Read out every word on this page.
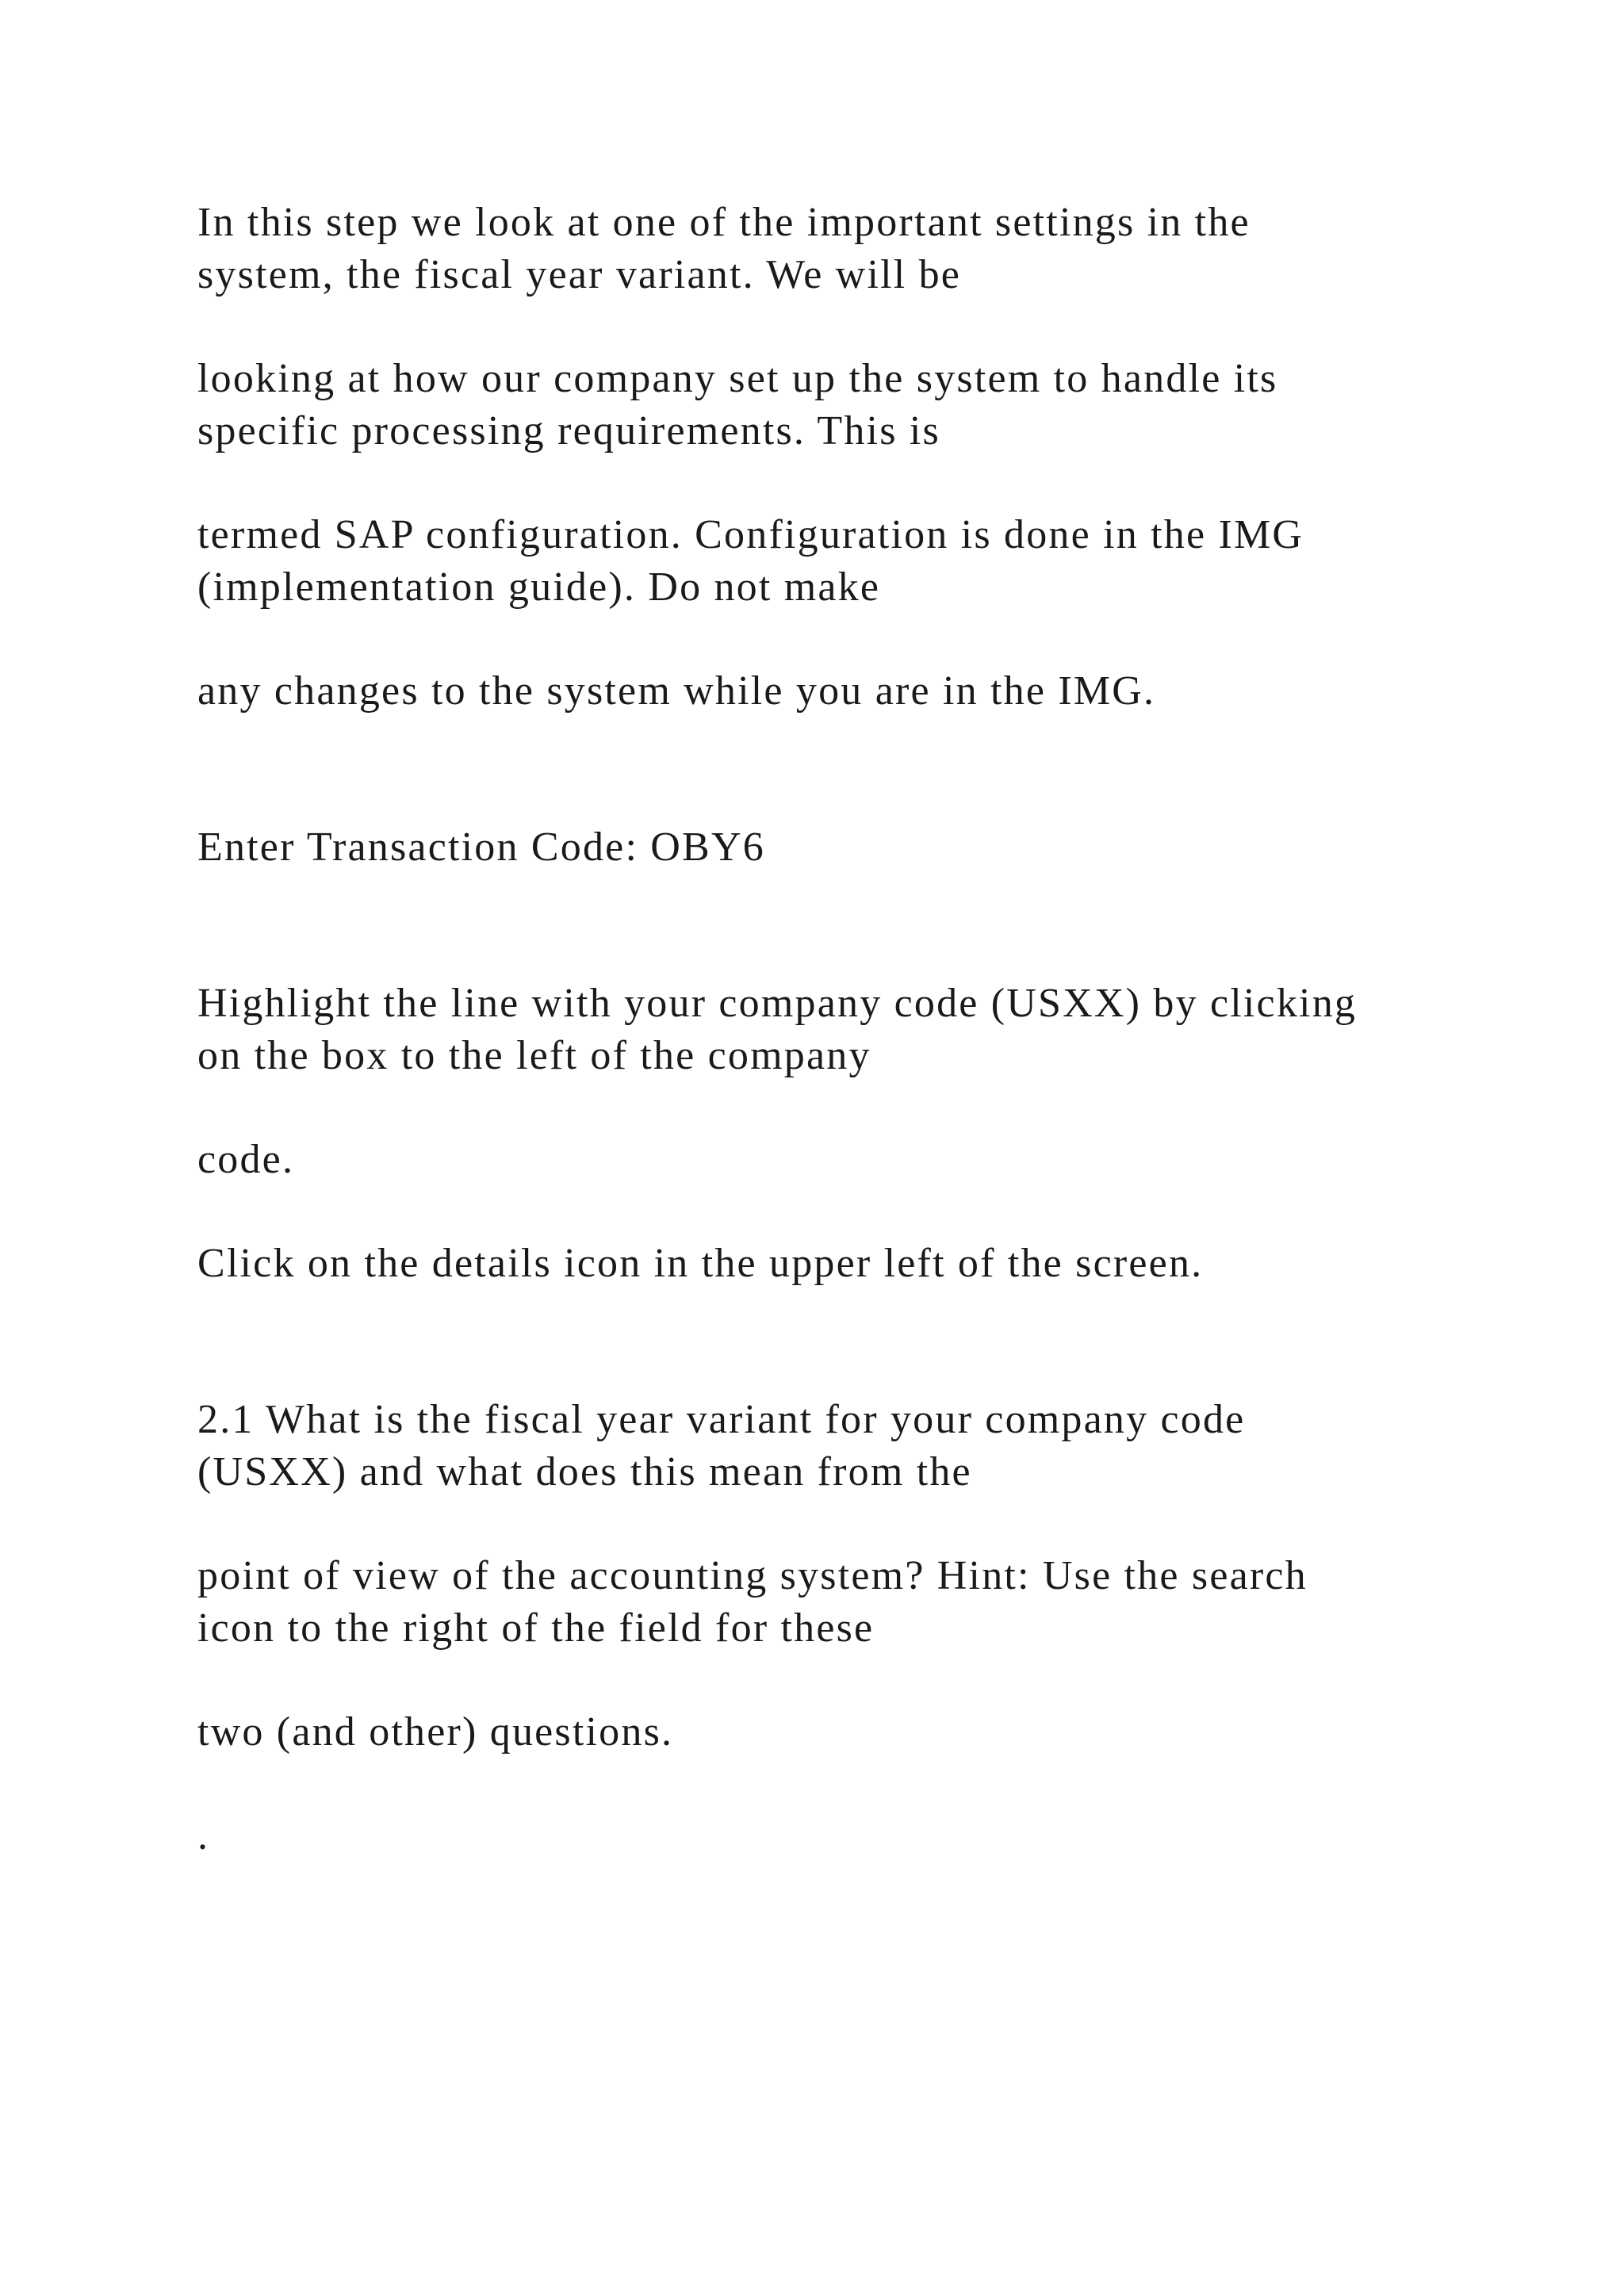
In this step we look at one of the important settings in the

system, the fiscal year variant. We will be

looking at how our company set up the system to handle its

specific processing requirements. This is

termed SAP configuration. Configuration is done in the IMG

(implementation guide). Do not make

any changes to the system while you are in the IMG.

Enter Transaction Code: OBY6

Highlight the line with your company code (USXX) by clicking

on the box to the left of the company

code.

Click on the details icon in the upper left of the screen.

2.1 What is the fiscal year variant for your company code

(USXX) and what does this mean from the

point of view of the accounting system? Hint: Use the search

icon to the right of the field for these

two (and other) questions.

.
